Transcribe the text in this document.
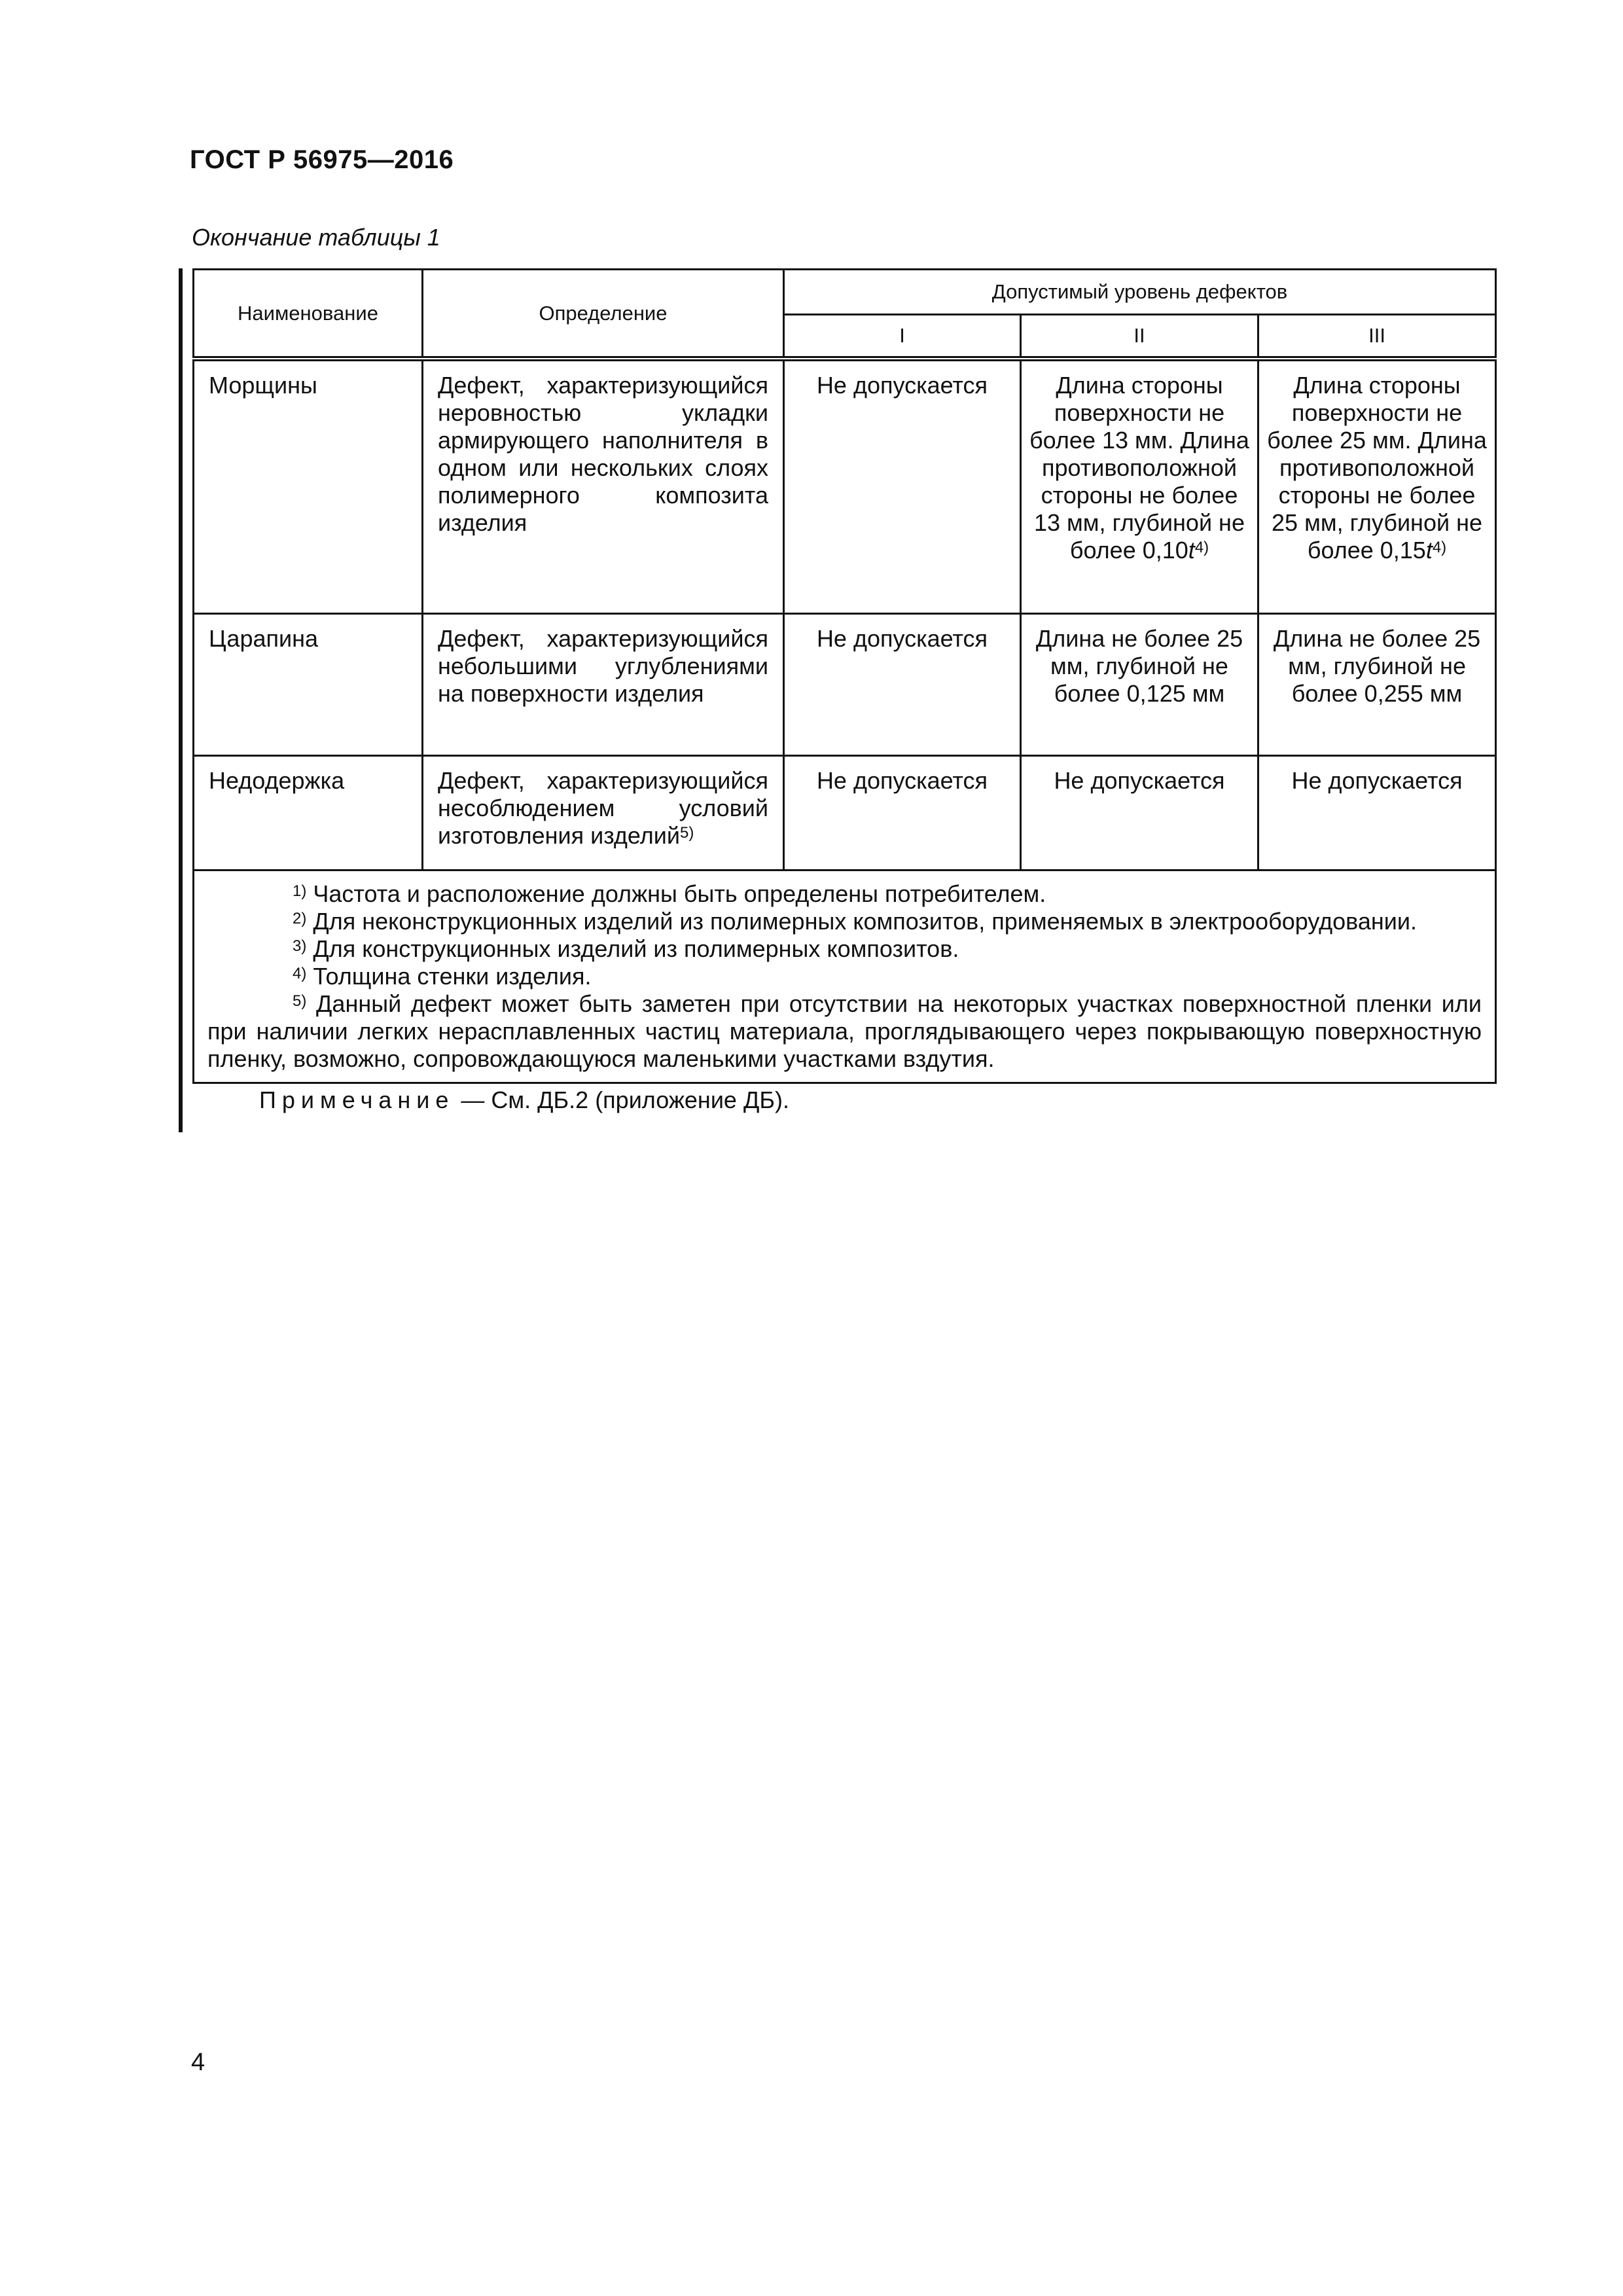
ГОСТ Р 56975—2016
Окончание таблицы 1
Наименование	Определение	Допустимый уровень дефектов		
		I	II	III
Морщины	Дефект, характеризующийся неровностью укладки армирующего наполнителя в одном или нескольких слоях полимерного композита изделия	Не допускается	Длина стороны поверхности не более 13 мм. Длина противоположной стороны не более 13 мм, глубиной не более $0,10t^{4)}$	Длина стороны поверхности не более 25 мм. Длина противоположной стороны не более 25 мм, глубиной не более $0,15t^{4)}$
Царапина	Дефект, характеризующийся небольшими углублениями на поверхности изделия	Не допускается	Длина не более 25 мм, глубиной не более 0,125 мм	Длина не более 25 мм, глубиной не более 0,255 мм
Недодержка	Дефект, характеризующийся несоблюдением условий изготовления изделий$^{5)}$	Не допускается	Не допускается	Не допускается

$^{1)}$ Частота и расположение должны быть определены потребителем.
$^{2)}$ Для неконструкционных изделий из полимерных композитов, применяемых в электрооборудовании.
$^{3)}$ Для конструкционных изделий из полимерных композитов.
$^{4)}$ Толщина стенки изделия.
$^{5)}$ Данный дефект может быть заметен при отсутствии на некоторых участках поверхностной пленки или при наличии легких нерасплавленных частиц материала, проглядывающего через покрывающую поверхностную пленку, возможно, сопровождающуюся маленькими участками вздутия.				
Примечание — См. ДБ.2 (приложение ДБ).
4
